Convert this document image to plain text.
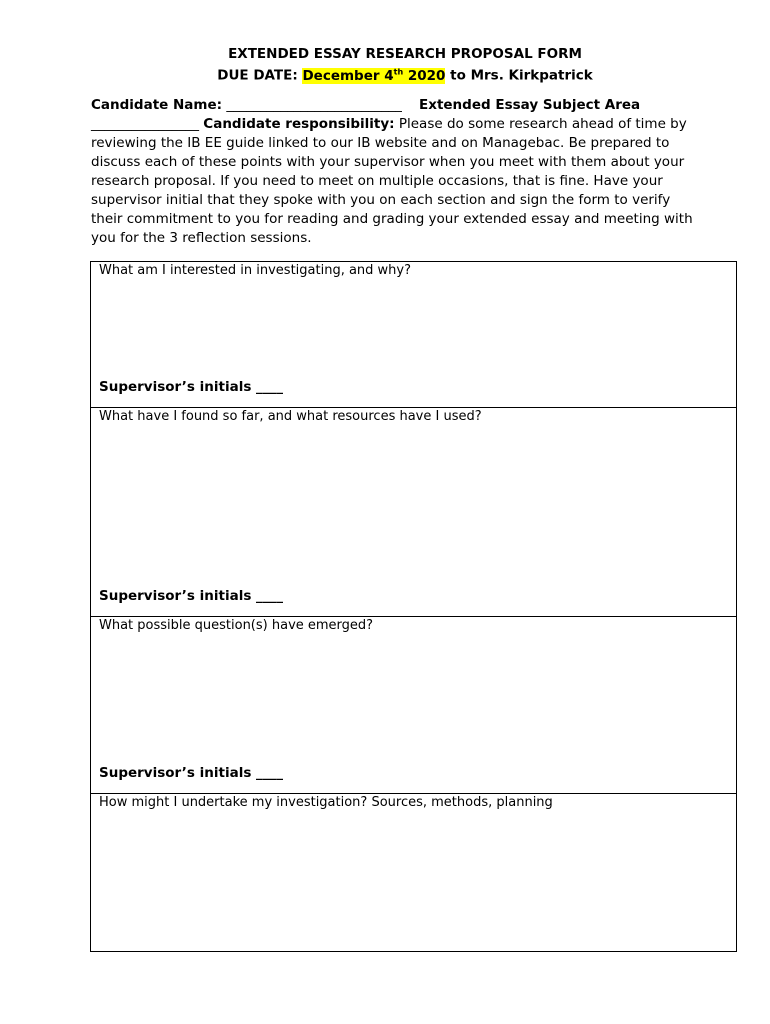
EXTENDED ESSAY RESEARCH PROPOSAL FORM
DUE DATE: December 4th 2020 to Mrs. Kirkpatrick
Candidate Name: __________________________ Extended Essay Subject Area
________________ Candidate responsibility: Please do some research ahead of time by
reviewing the IB EE guide linked to our IB website and on Managebac. Be prepared to
discuss each of these points with your supervisor when you meet with them about your
research proposal. If you need to meet on multiple occasions, that is fine. Have your
supervisor initial that they spoke with you on each section and sign the form to verify
their commitment to you for reading and grading your extended essay and meeting with
you for the 3 reflection sessions.
What am I interested in investigating, and why?
Supervisor’s initials ____
What have I found so far, and what resources have I used?
Supervisor’s initials ____
What possible question(s) have emerged?
Supervisor’s initials ____
How might I undertake my investigation? Sources, methods, planning
